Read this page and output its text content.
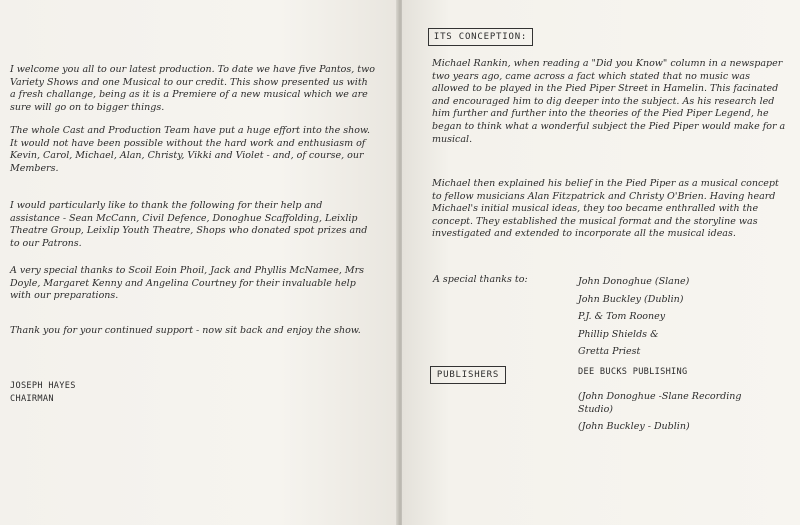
I welcome you all to our latest production. To date we have five Pantos, two Variety Shows and one Musical to our credit. This show presented us with a fresh challange, being as it is a Premiere of a new musical which we are sure will go on to bigger things.

The whole Cast and Production Team have put a huge effort into the show. It would not have been possible without the hard work and enthusiasm of Kevin, Carol, Michael, Alan, Christy, Vikki and Violet - and, of course, our Members.

I would particularly like to thank the following for their help and assistance - Sean McCann, Civil Defence, Donoghue Scaffolding, Leixlip Theatre Group, Leixlip Youth Theatre, Shops who donated spot prizes and to our Patrons.

A very special thanks to Scoil Eoin Phoil, Jack and Phyllis McNamee, Mrs Doyle, Margaret Kenny and Angelina Courtney for their invaluable help with our preparations.

Thank you for your continued support - now sit back and enjoy the show.

JOSEPH HAYES

CHAIRMAN

ITS CONCEPTION:

Michael Rankin, when reading a "Did you Know" column in a newspaper two years ago, came across a fact which stated that no music was allowed to be played in the Pied Piper Street in Hamelin. This facinated and encouraged him to dig deeper into the subject. As his research led him further and further into the theories of the Pied Piper Legend, he began to think what a wonderful subject the Pied Piper would make for a musical.

Michael then explained his belief in the Pied Piper as a musical concept to fellow musicians Alan Fitzpatrick and Christy O'Brien. Having heard Michael's initial musical ideas, they too became enthralled with the concept. They established the musical format and the storyline was investigated and extended to incorporate all the musical ideas.

A special thanks to:	John Donoghue (Slane)

John Buckley (Dublin)

P.J. & Tom Rooney

Phillip Shields &

Gretta Priest

PUBLISHERS	DEE BUCKS PUBLISHING

(John Donoghue -Slane Recording Studio)

(John Buckley - Dublin)
